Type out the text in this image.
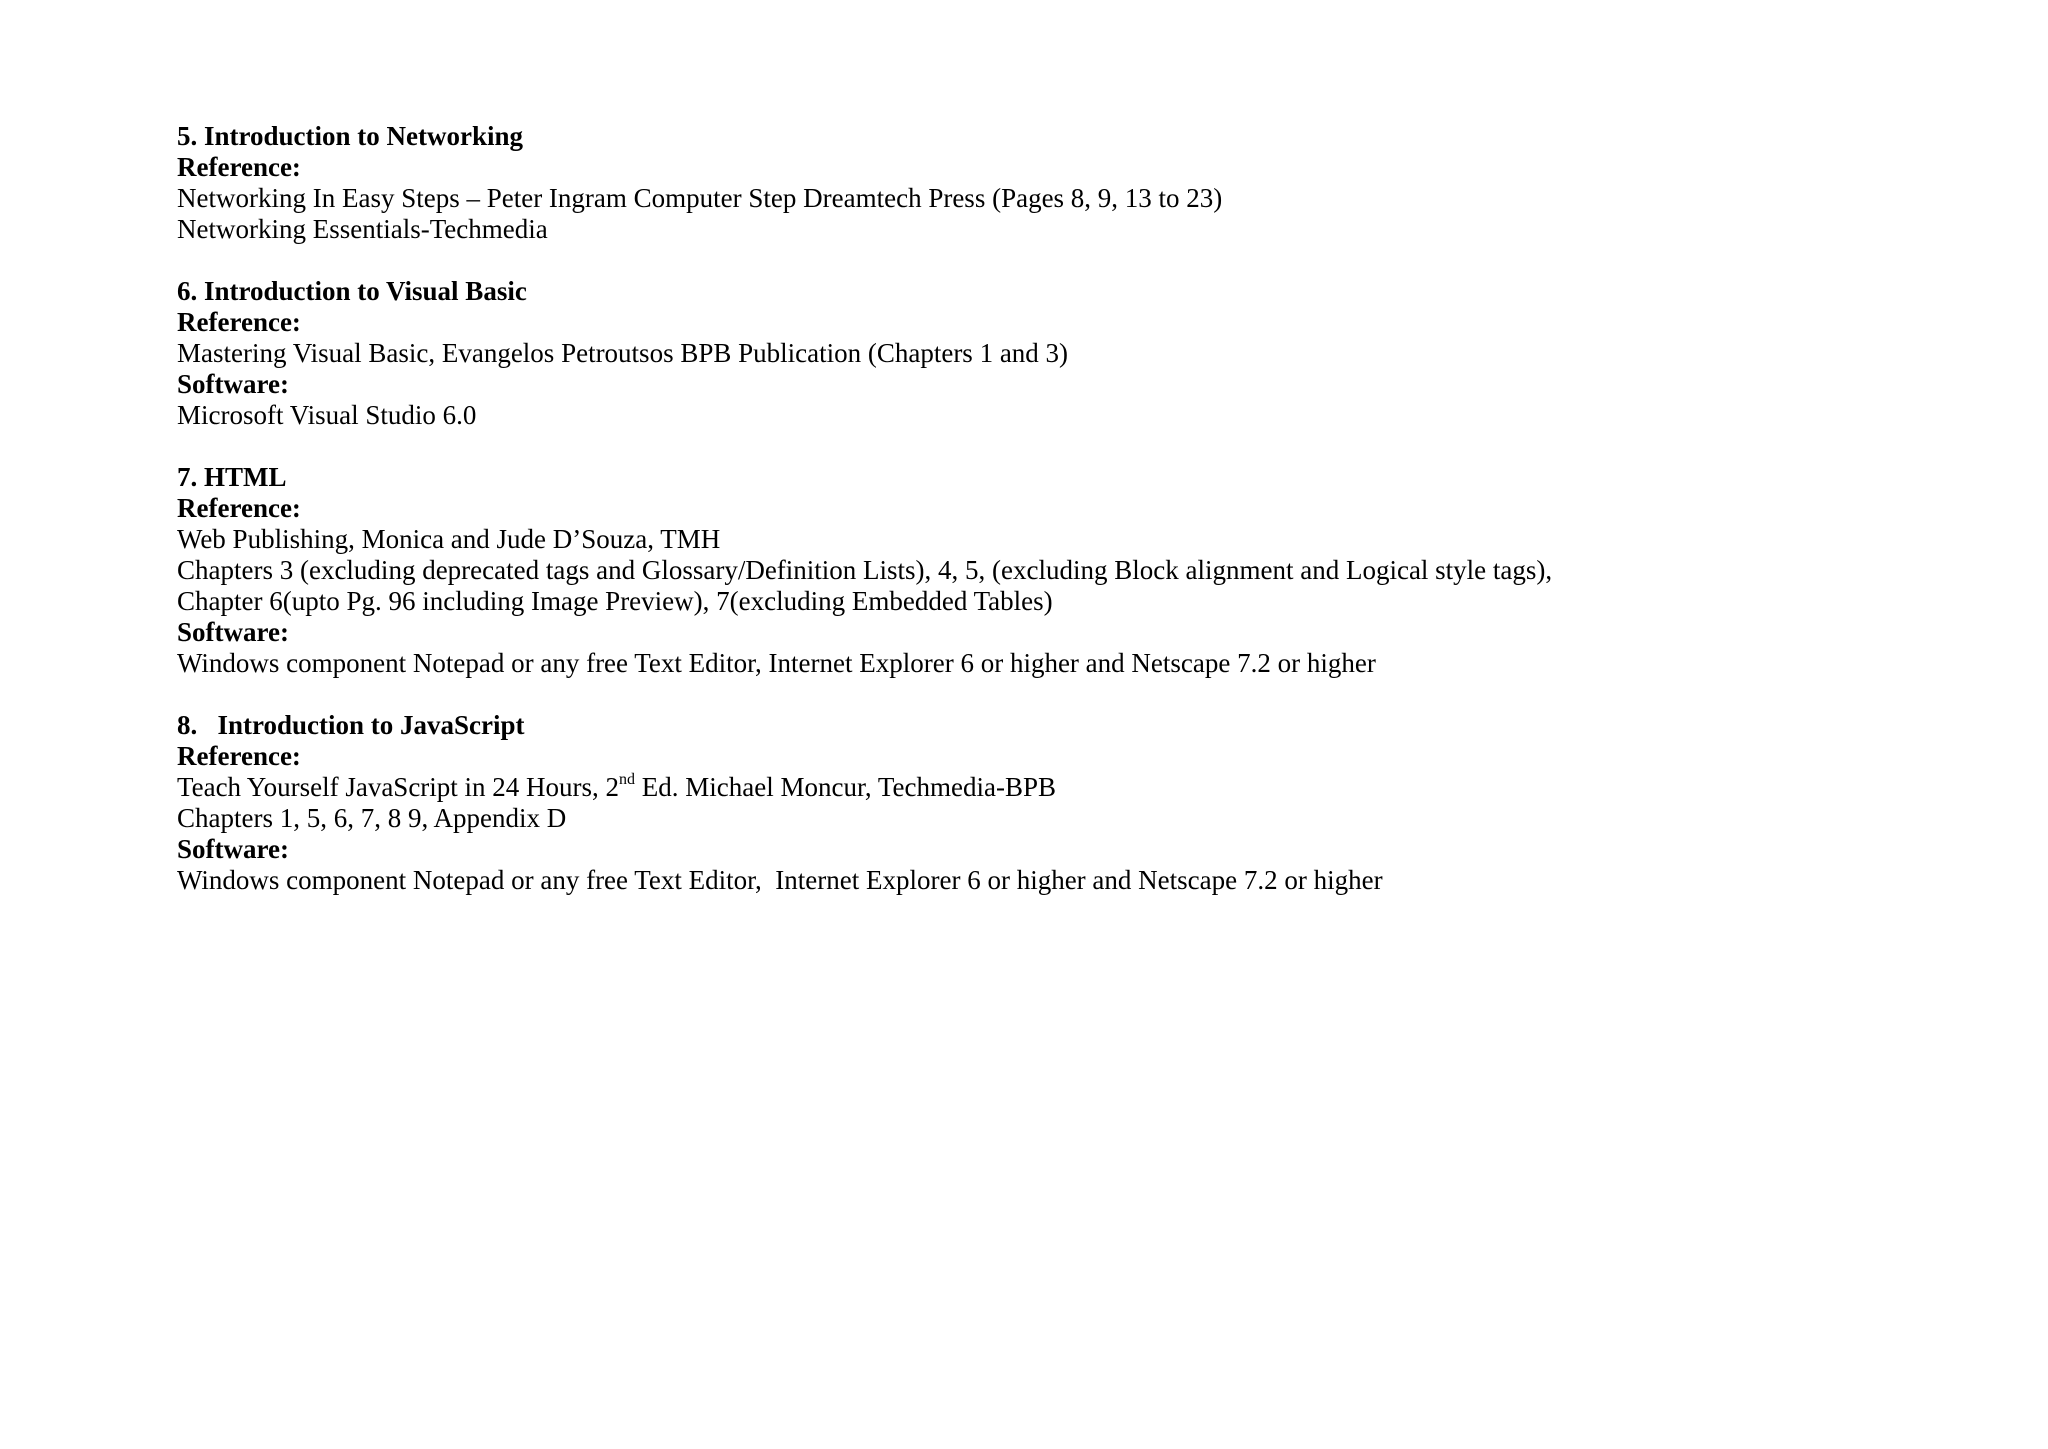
5. Introduction to Networking
Reference:
Networking In Easy Steps – Peter Ingram Computer Step Dreamtech Press (Pages 8, 9, 13 to 23)
Networking Essentials-Techmedia
6. Introduction to Visual Basic
Reference:
Mastering Visual Basic, Evangelos Petroutsos BPB Publication (Chapters 1 and 3)
Software:
Microsoft Visual Studio 6.0
7. HTML
Reference:
Web Publishing, Monica and Jude D’Souza, TMH
Chapters 3 (excluding deprecated tags and Glossary/Definition Lists), 4, 5, (excluding Block alignment and Logical style tags),
Chapter 6(upto Pg. 96 including Image Preview), 7(excluding Embedded Tables)
Software:
Windows component Notepad or any free Text Editor, Internet Explorer 6 or higher and Netscape 7.2 or higher
8.   Introduction to JavaScript
Reference:
Teach Yourself JavaScript in 24 Hours, 2nd Ed. Michael Moncur, Techmedia-BPB
Chapters 1, 5, 6, 7, 8 9, Appendix D
Software:
Windows component Notepad or any free Text Editor,  Internet Explorer 6 or higher and Netscape 7.2 or higher
